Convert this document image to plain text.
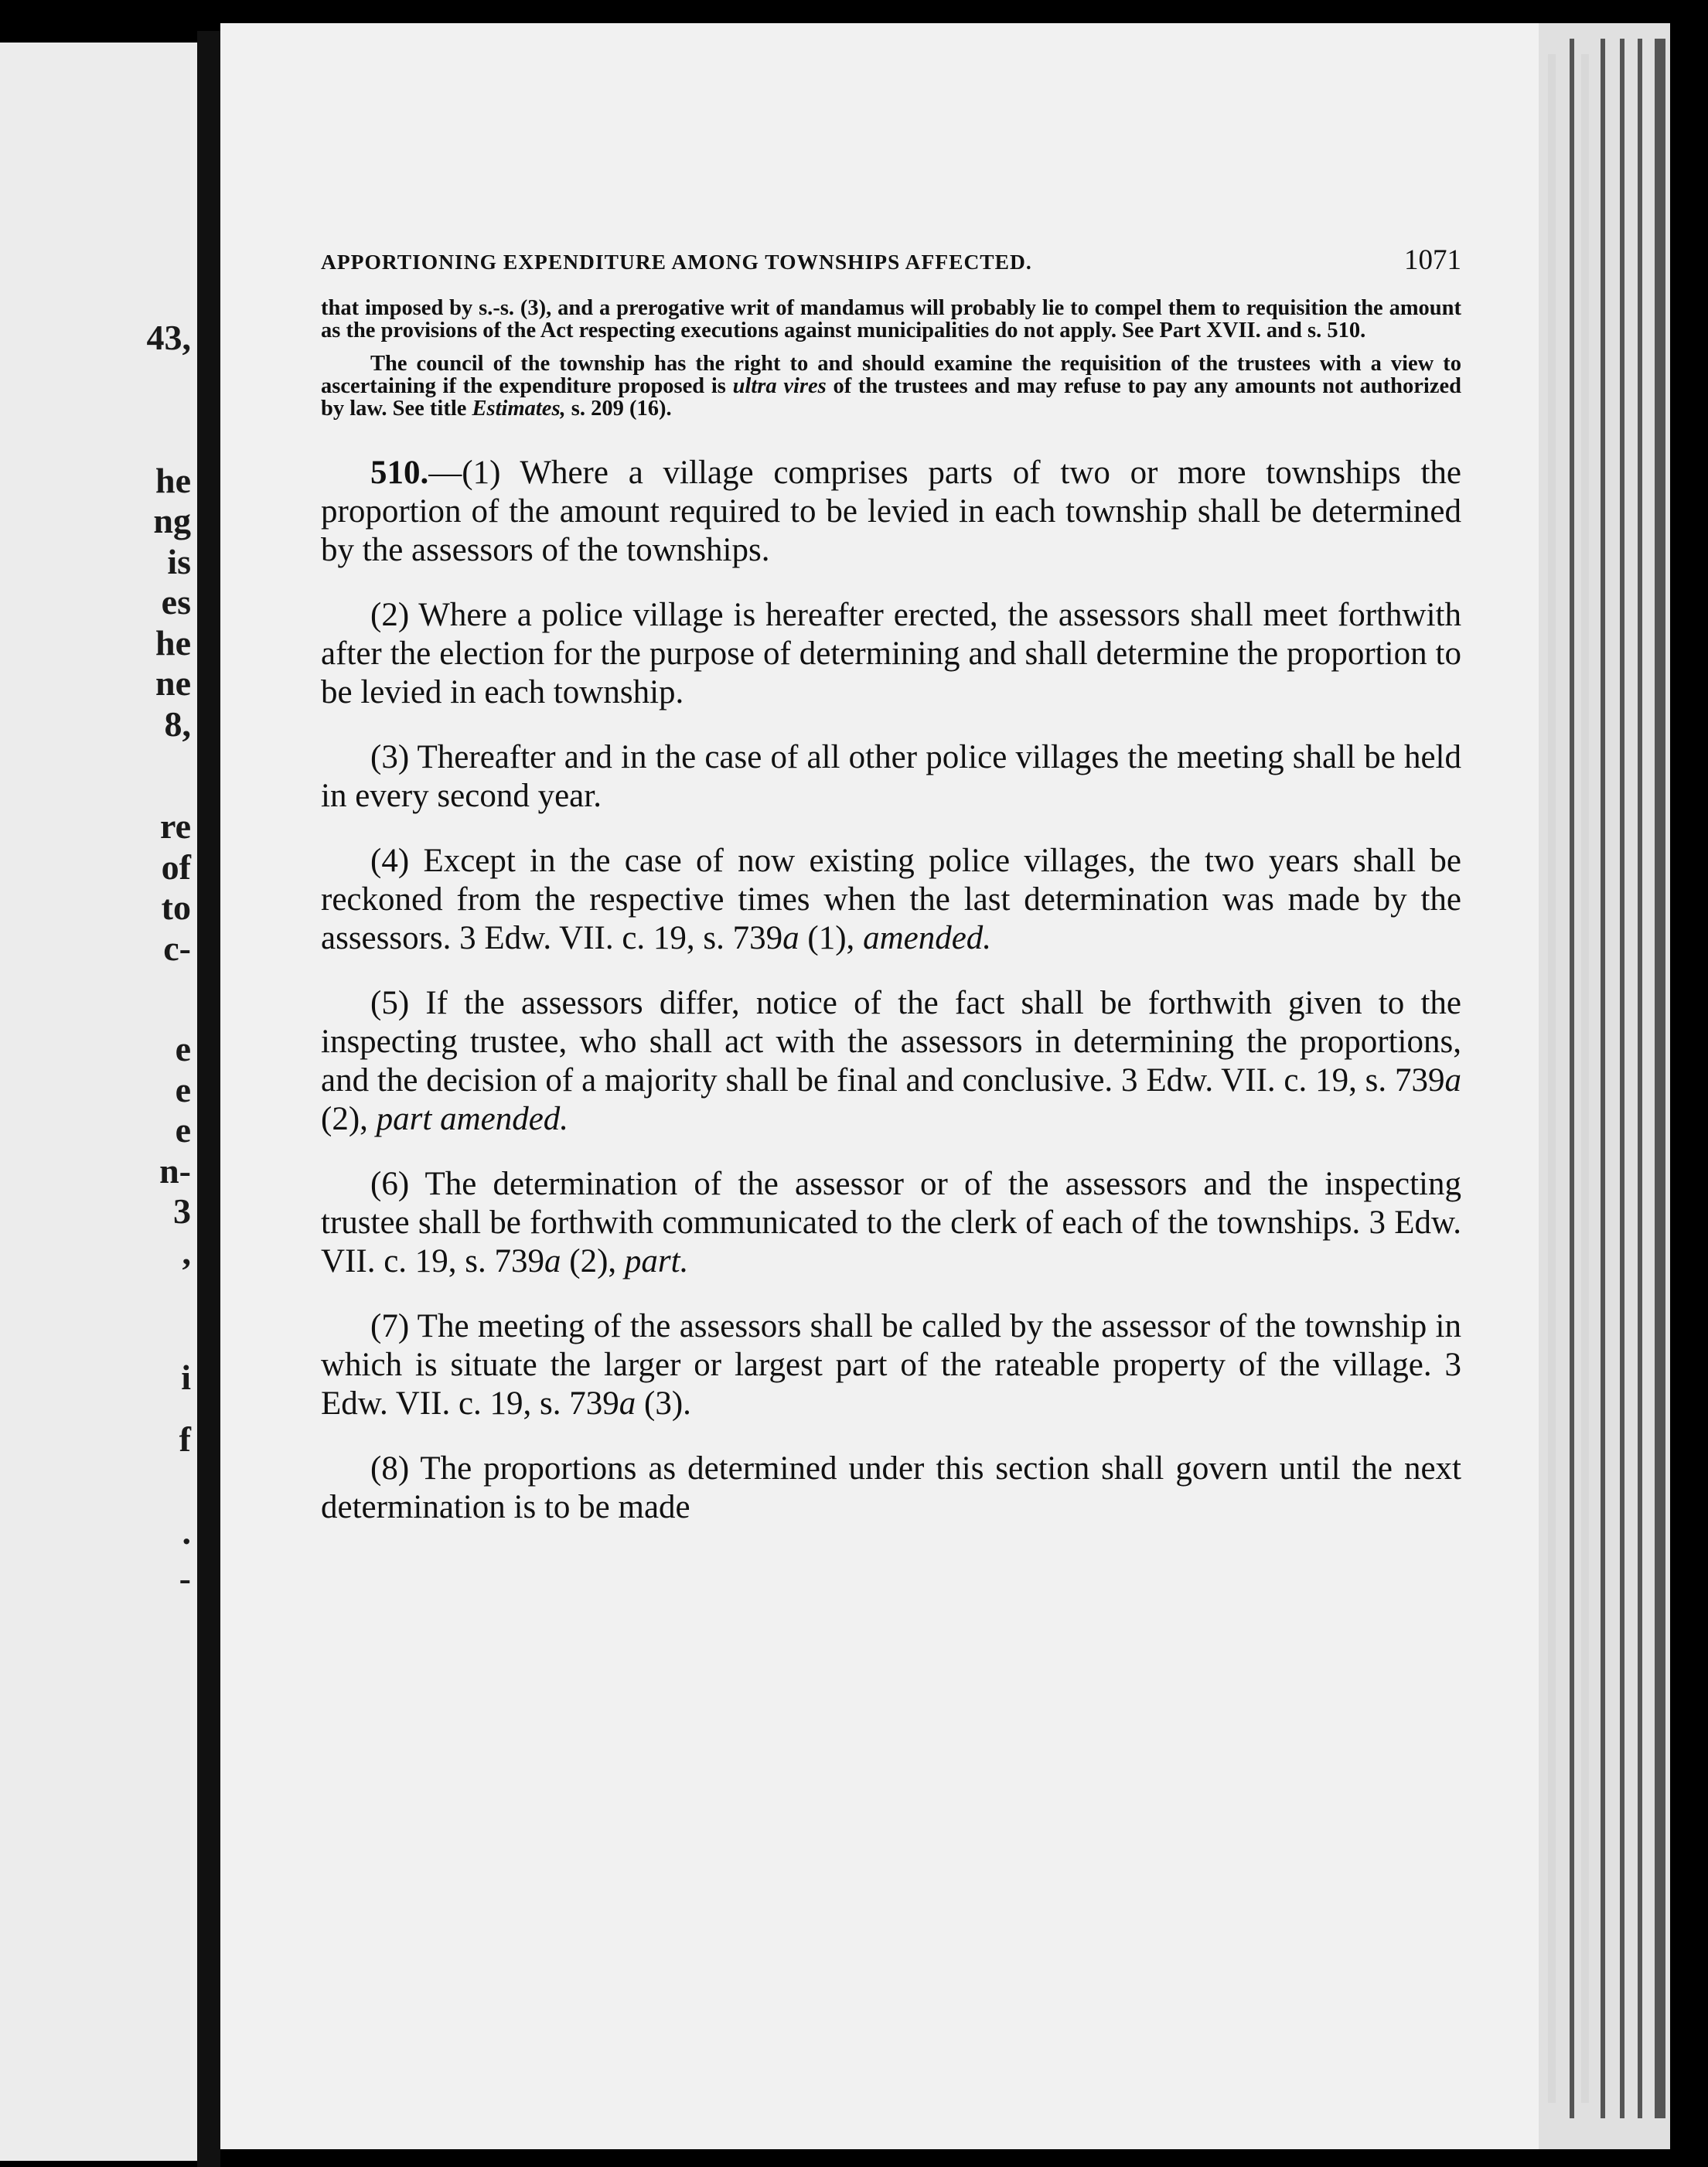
43,
he
ng
is
es
he
ne
8,
re
of
to
c-
e
e
e
n-
3
,
i
f
.
-
APPORTIONING EXPENDITURE AMONG TOWNSHIPS AFFECTED.	1071

that imposed by s.-s. (3), and a prerogative writ of mandamus will probably lie to compel them to requisition the amount as the provisions of the Act respecting executions against municipalities do not apply. See Part XVII. and s. 510.

The council of the township has the right to and should examine the requisition of the trustees with a view to ascertaining if the expenditure proposed is ultra vires of the trustees and may refuse to pay any amounts not authorized by law. See title Estimates, s. 209 (16).

510.—(1) Where a village comprises parts of two or more townships the proportion of the amount required to be levied in each township shall be determined by the assessors of the townships.

(2) Where a police village is hereafter erected, the assessors shall meet forthwith after the election for the purpose of determining and shall determine the proportion to be levied in each township.

(3) Thereafter and in the case of all other police villages the meeting shall be held in every second year.

(4) Except in the case of now existing police villages, the two years shall be reckoned from the respective times when the last determination was made by the assessors. 3 Edw. VII. c. 19, s. 739a (1), amended.

(5) If the assessors differ, notice of the fact shall be forthwith given to the inspecting trustee, who shall act with the assessors in determining the proportions, and the decision of a majority shall be final and conclusive. 3 Edw. VII. c. 19, s. 739a (2), part amended.

(6) The determination of the assessor or of the assessors and the inspecting trustee shall be forthwith communicated to the clerk of each of the townships. 3 Edw. VII. c. 19, s. 739a (2), part.

(7) The meeting of the assessors shall be called by the assessor of the township in which is situate the larger or largest part of the rateable property of the village. 3 Edw. VII. c. 19, s. 739a (3).

(8) The proportions as determined under this section shall govern until the next determination is to be made
